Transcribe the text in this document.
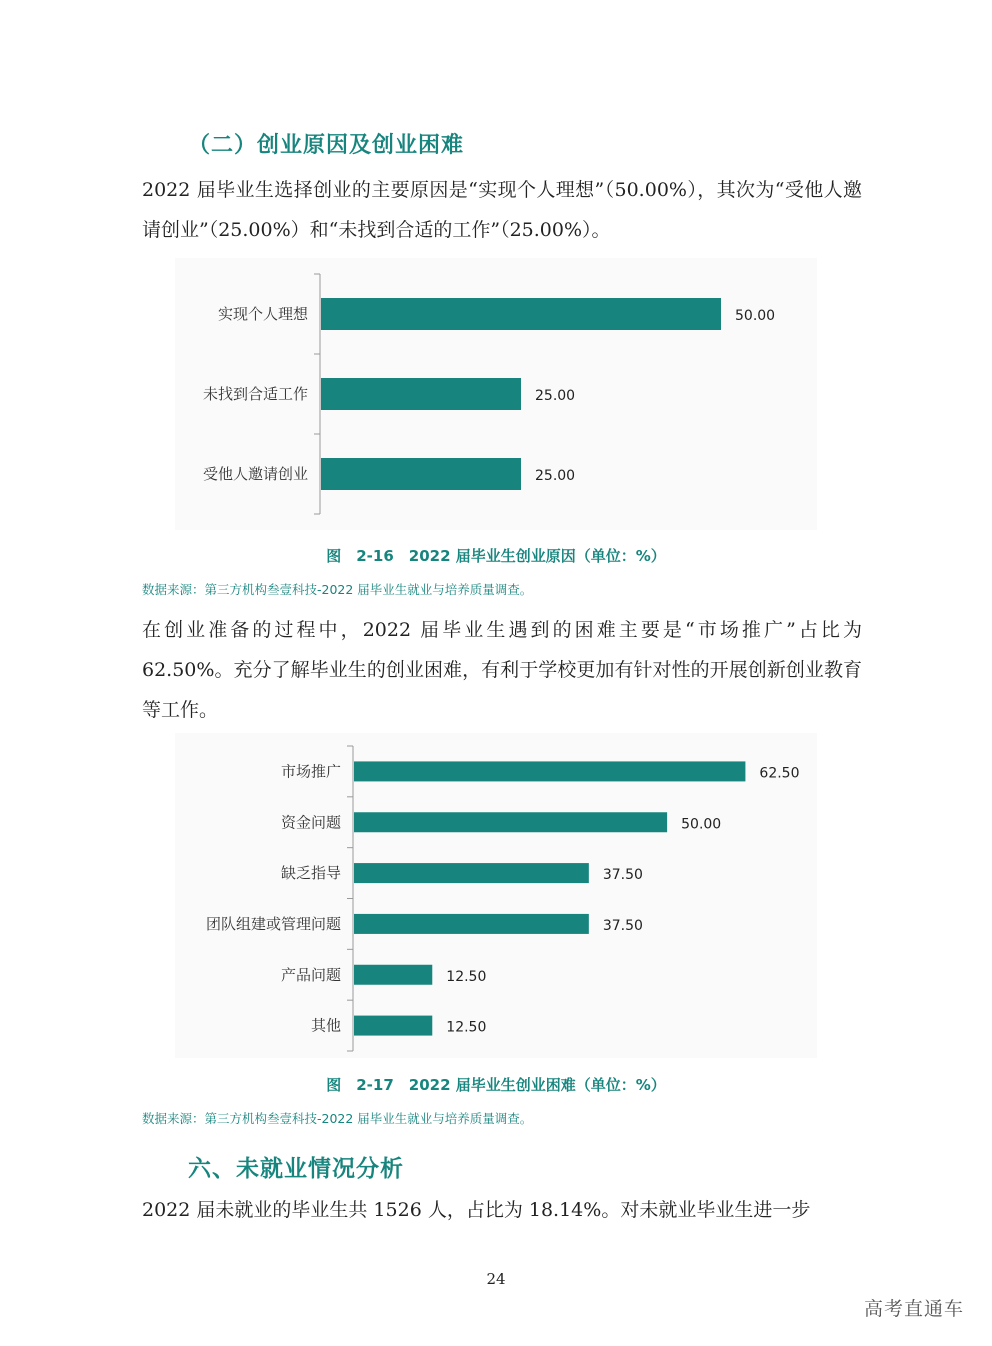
（二）创业原因及创业困难
2022 届毕业生选择创业的主要原因是“实现个人理想”（50.00%），其次为“受他人邀请创业”（25.00%）和“未找到合适的工作”（25.00%）。
实现个人理想	50.00
未找到合适工作	25.00
受他人邀请创业	25.00
图　2-16　2022 届毕业生创业原因（单位：%）
数据来源：第三方机构叁壹科技-2022 届毕业生就业与培养质量调查。
在创业准备的过程中，2022 届毕业生遇到的困难主要是“市场推广”占比为 62.50%。充分了解毕业生的创业困难，有利于学校更加有针对性的开展创新创业教育等工作。
市场推广	62.50
资金问题	50.00
缺乏指导	37.50
团队组建或管理问题	37.50
产品问题	12.50
其他	12.50
图　2-17　2022 届毕业生创业困难（单位：%）
数据来源：第三方机构叁壹科技-2022 届毕业生就业与培养质量调查。
六、未就业情况分析
2022 届未就业的毕业生共 1526 人，占比为 18.14%。对未就业毕业生进一步
24
高考直通车
